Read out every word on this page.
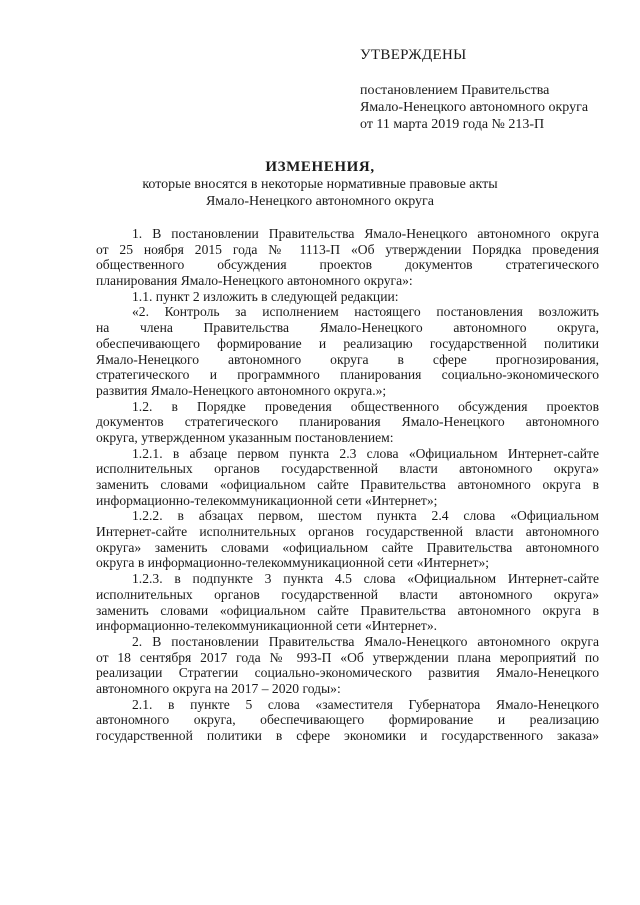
УТВЕРЖДЕНЫ
постановлением Правительства
Ямало-Ненецкого автономного округа
от 11 марта 2019 года № 213-П
ИЗМЕНЕНИЯ,
которые вносятся в некоторые нормативные правовые акты
Ямало-Ненецкого автономного округа
1. В постановлении Правительства Ямало-Ненецкого автономного округа
от 25 ноября 2015 года № 1113-П «Об утверждении Порядка проведения
общественного обсуждения проектов документов стратегического
планирования Ямало-Ненецкого автономного округа»:
1.1. пункт 2 изложить в следующей редакции:
«2. Контроль за исполнением настоящего постановления возложить
на члена Правительства Ямало-Ненецкого автономного округа,
обеспечивающего формирование и реализацию государственной политики
Ямало-Ненецкого автономного округа в сфере прогнозирования,
стратегического и программного планирования социально-экономического
развития Ямало-Ненецкого автономного округа.»;
1.2. в Порядке проведения общественного обсуждения проектов
документов стратегического планирования Ямало-Ненецкого автономного
округа, утвержденном указанным постановлением:
1.2.1. в абзаце первом пункта 2.3 слова «Официальном Интернет-сайте
исполнительных органов государственной власти автономного округа»
заменить словами «официальном сайте Правительства автономного округа в
информационно-телекоммуникационной сети «Интернет»;
1.2.2. в абзацах первом, шестом пункта 2.4 слова «Официальном
Интернет-сайте исполнительных органов государственной власти автономного
округа» заменить словами «официальном сайте Правительства автономного
округа в информационно-телекоммуникационной сети «Интернет»;
1.2.3. в подпункте 3 пункта 4.5 слова «Официальном Интернет-сайте
исполнительных органов государственной власти автономного округа»
заменить словами «официальном сайте Правительства автономного округа в
информационно-телекоммуникационной сети «Интернет».
2. В постановлении Правительства Ямало-Ненецкого автономного округа
от 18 сентября 2017 года № 993-П «Об утверждении плана мероприятий по
реализации Стратегии социально-экономического развития Ямало-Ненецкого
автономного округа на 2017 – 2020 годы»:
2.1. в пункте 5 слова «заместителя Губернатора Ямало-Ненецкого
автономного округа, обеспечивающего формирование и реализацию
государственной политики в сфере экономики и государственного заказа»
